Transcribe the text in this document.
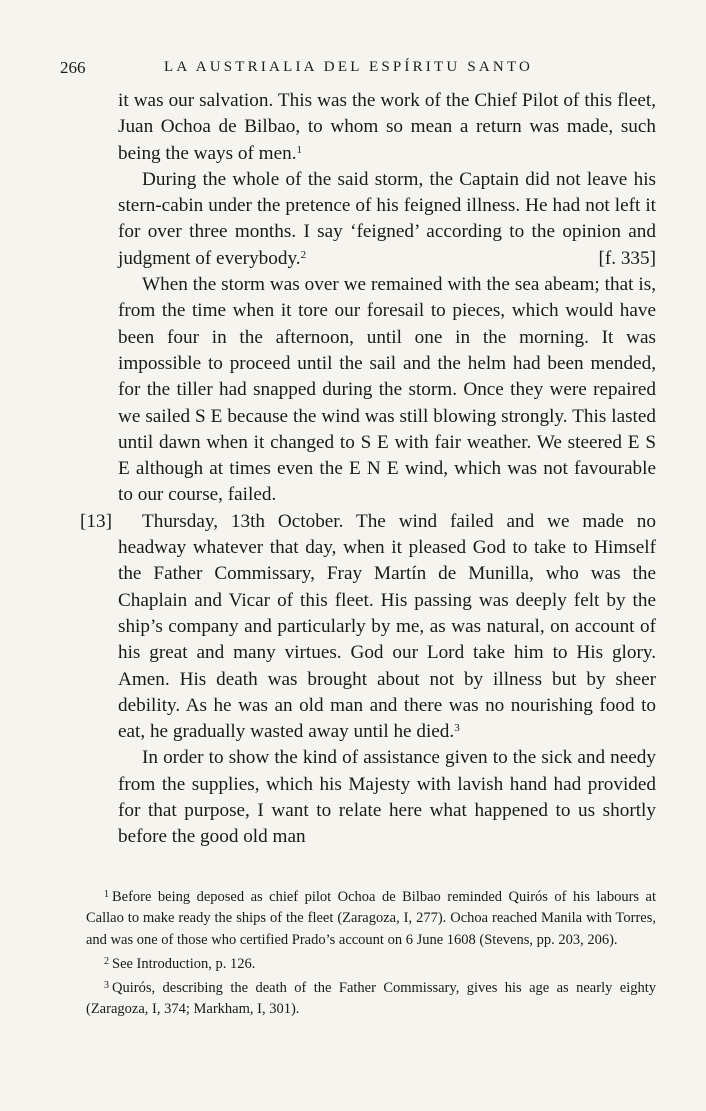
266	LA AUSTRIALIA DEL ESPÍRITU SANTO

it was our salvation. This was the work of the Chief Pilot of this fleet, Juan Ochoa de Bilbao, to whom so mean a return was made, such being the ways of men.$^1$

During the whole of the said storm, the Captain did not leave his stern-cabin under the pretence of his feigned illness. He had not left it for over three months. I say ‘feigned’ according to the opinion and judgment of everybody.$^2$	[f. 335]

When the storm was over we remained with the sea abeam; that is, from the time when it tore our foresail to pieces, which would have been four in the afternoon, until one in the morning. It was impossible to proceed until the sail and the helm had been mended, for the tiller had snapped during the storm. Once they were repaired we sailed S E because the wind was still blowing strongly. This lasted until dawn when it changed to S E with fair weather. We steered E S E although at times even the E N E wind, which was not favourable to our course, failed.

[13] Thursday, 13th October. The wind failed and we made no headway whatever that day, when it pleased God to take to Himself the Father Commissary, Fray Martín de Munilla, who was the Chaplain and Vicar of this fleet. His passing was deeply felt by the ship’s company and particularly by me, as was natural, on account of his great and many virtues. God our Lord take him to His glory. Amen. His death was brought about not by illness but by sheer debility. As he was an old man and there was no nourishing food to eat, he gradually wasted away until he died.$^3$

In order to show the kind of assistance given to the sick and needy from the supplies, which his Majesty with lavish hand had provided for that purpose, I want to relate here what happened to us shortly before the good old man

$^1$ Before being deposed as chief pilot Ochoa de Bilbao reminded Quirós of his labours at Callao to make ready the ships of the fleet (Zaragoza, I, 277). Ochoa reached Manila with Torres, and was one of those who certified Prado’s account on 6 June 1608 (Stevens, pp. 203, 206).

$^2$ See Introduction, p. 126.

$^3$ Quirós, describing the death of the Father Commissary, gives his age as nearly eighty (Zaragoza, I, 374; Markham, I, 301).
